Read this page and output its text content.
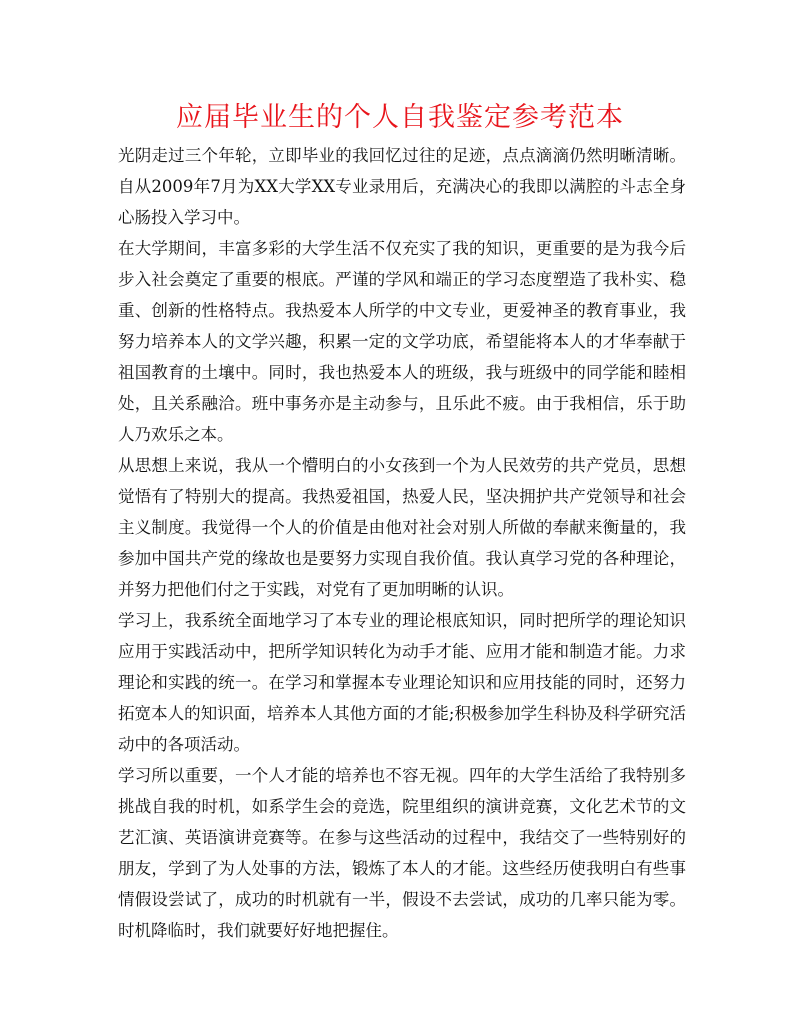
应届毕业生的个人自我鉴定参考范本

光阴走过三个年轮，立即毕业的我回忆过往的足迹，点点滴滴仍然明晰清晰。自从2009年7月为XX大学XX专业录用后，充满决心的我即以满腔的斗志全身心肠投入学习中。

在大学期间，丰富多彩的大学生活不仅充实了我的知识，更重要的是为我今后步入社会奠定了重要的根底。严谨的学风和端正的学习态度塑造了我朴实、稳重、创新的性格特点。我热爱本人所学的中文专业，更爱神圣的教育事业，我努力培养本人的文学兴趣，积累一定的文学功底，希望能将本人的才华奉献于祖国教育的土壤中。同时，我也热爱本人的班级，我与班级中的同学能和睦相处，且关系融洽。班中事务亦是主动参与，且乐此不疲。由于我相信，乐于助人乃欢乐之本。

从思想上来说，我从一个懵明白的小女孩到一个为人民效劳的共产党员，思想觉悟有了特别大的提高。我热爱祖国，热爱人民，坚决拥护共产党领导和社会主义制度。我觉得一个人的价值是由他对社会对别人所做的奉献来衡量的，我参加中国共产党的缘故也是要努力实现自我价值。我认真学习党的各种理论，并努力把他们付之于实践，对党有了更加明晰的认识。

学习上，我系统全面地学习了本专业的理论根底知识，同时把所学的理论知识应用于实践活动中，把所学知识转化为动手才能、应用才能和制造才能。力求理论和实践的统一。在学习和掌握本专业理论知识和应用技能的同时，还努力拓宽本人的知识面，培养本人其他方面的才能;积极参加学生科协及科学研究活动中的各项活动。

学习所以重要，一个人才能的培养也不容无视。四年的大学生活给了我特别多挑战自我的时机，如系学生会的竞选，院里组织的演讲竞赛，文化艺术节的文艺汇演、英语演讲竞赛等。在参与这些活动的过程中，我结交了一些特别好的朋友，学到了为人处事的方法，锻炼了本人的才能。这些经历使我明白有些事情假设尝试了，成功的时机就有一半，假设不去尝试，成功的几率只能为零。时机降临时，我们就要好好地把握住。
